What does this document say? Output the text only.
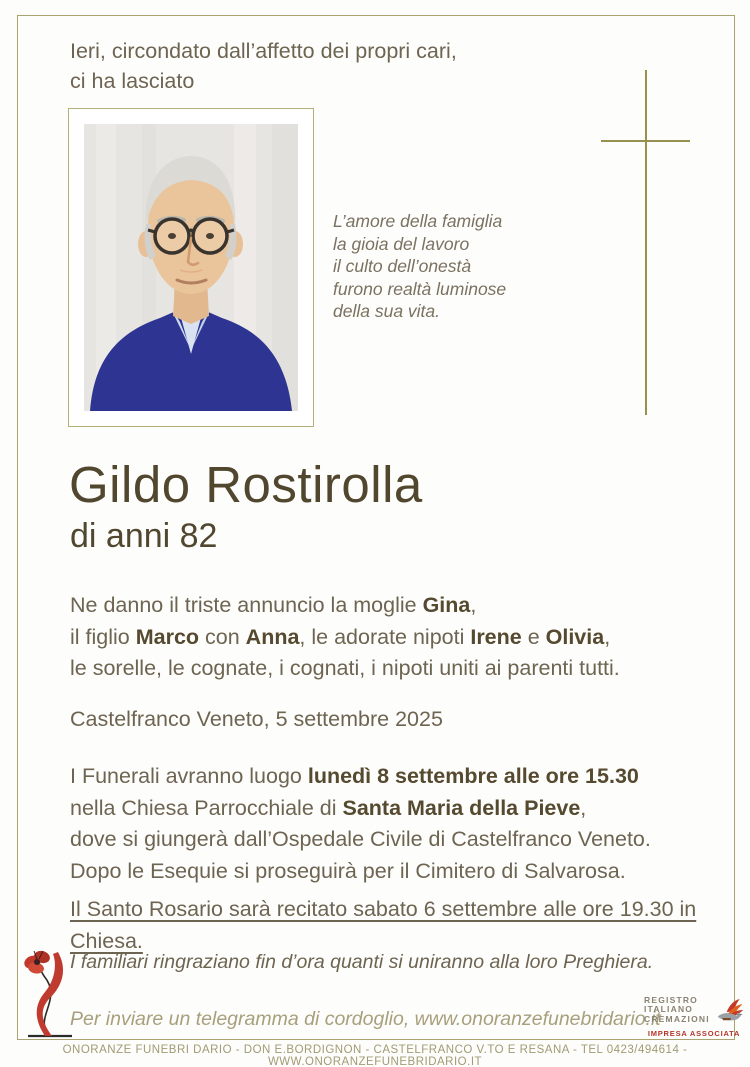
Ieri, circondato dall’affetto dei propri cari,
ci ha lasciato
L’amore della famiglia
la gioia del lavoro
il culto dell’onestà
furono realtà luminose
della sua vita.
Gildo Rostirolla
di anni 82
Ne danno il triste annuncio la moglie Gina,
il figlio Marco con Anna, le adorate nipoti Irene e Olivia,
le sorelle, le cognate, i cognati, i nipoti uniti ai parenti tutti.
Castelfranco Veneto, 5 settembre 2025
I Funerali avranno luogo lunedì 8 settembre alle ore 15.30
nella Chiesa Parrocchiale di Santa Maria della Pieve,
dove si giungerà dall’Ospedale Civile di Castelfranco Veneto.
Dopo le Esequie si proseguirà per il Cimitero di Salvarosa.
Il Santo Rosario sarà recitato sabato 6 settembre alle ore 19.30 in Chiesa.
I familiari ringraziano fin d’ora quanti si uniranno alla loro Preghiera.
Per inviare un telegramma di cordoglio, www.onoranzefunebridario.it
REGISTRO
ITALIANO
CREMAZIONI
IMPRESA ASSOCIATA
ONORANZE FUNEBRI DARIO - DON E.BORDIGNON - CASTELFRANCO V.TO E RESANA - TEL 0423/494614 - WWW.ONORANZEFUNEBRIDARIO.IT
